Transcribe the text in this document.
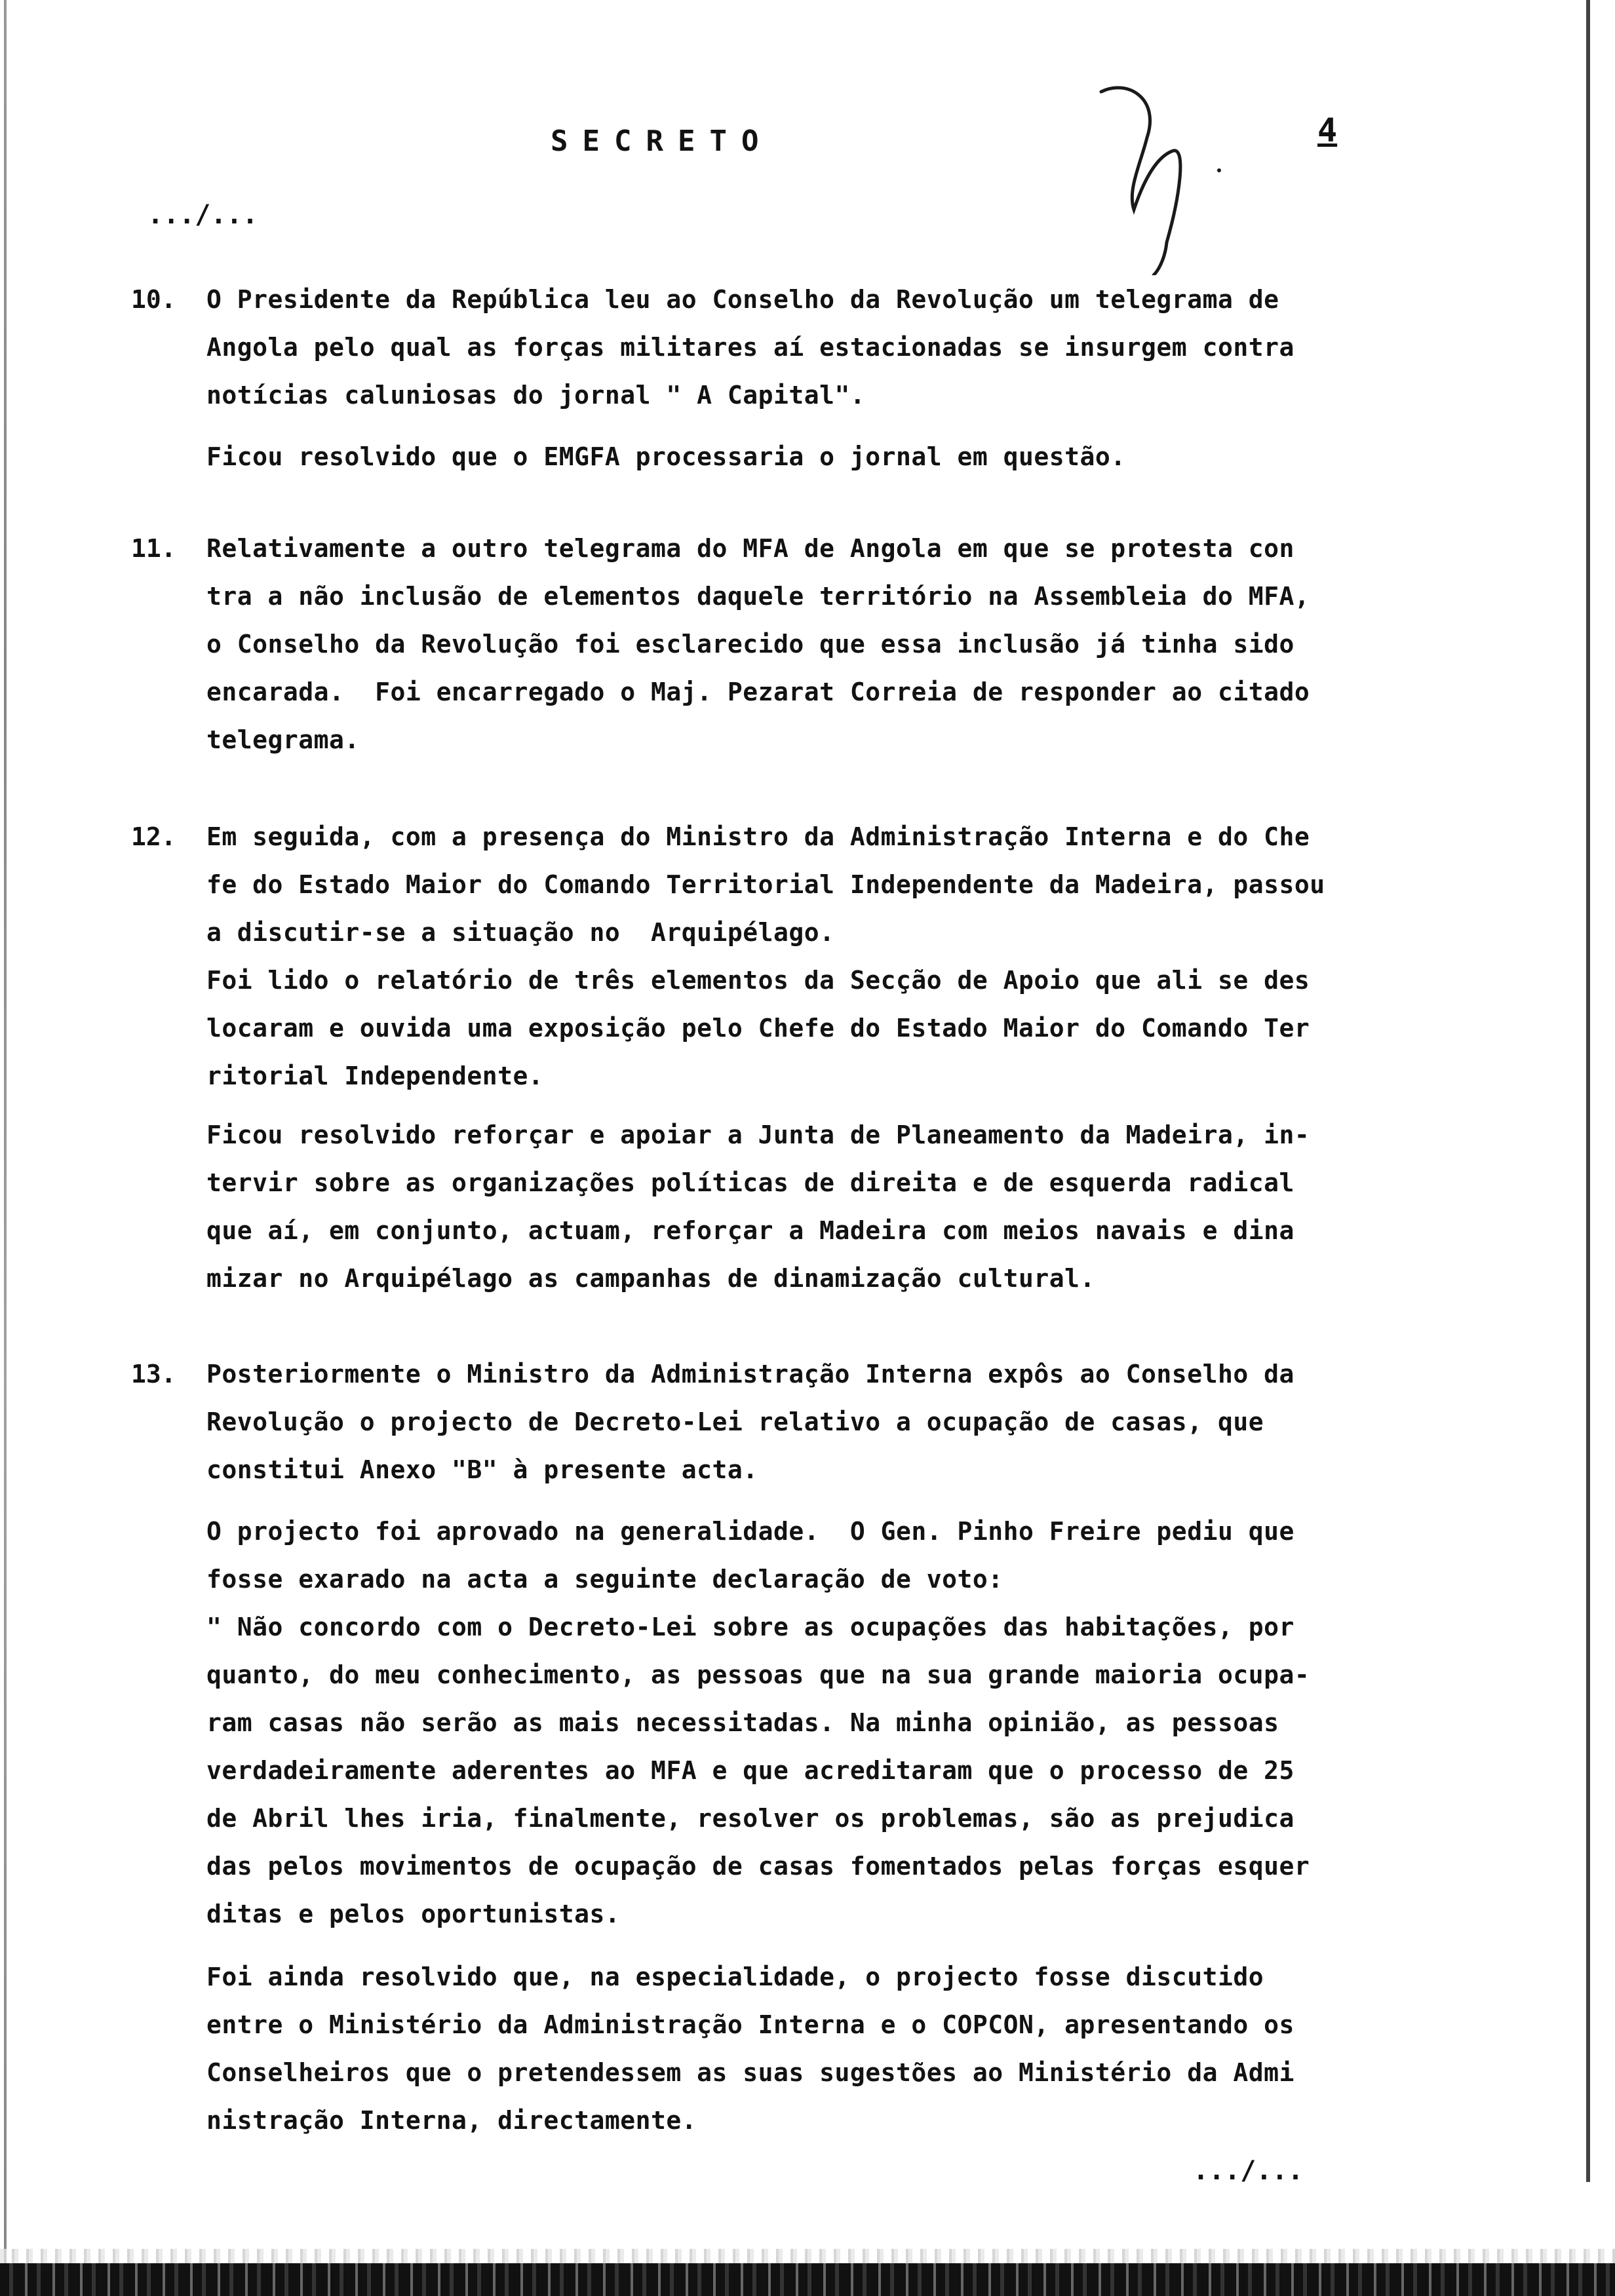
SECRETO	4
.../...
10. O Presidente da República leu ao Conselho da Revolução um telegrama de
Angola pelo qual as forças militares aí estacionadas se insurgem contra
notícias caluniosas do jornal " A Capital".
Ficou resolvido que o EMGFA processaria o jornal em questão.
11. Relativamente a outro telegrama do MFA de Angola em que se protesta con
tra a não inclusão de elementos daquele território na Assembleia do MFA,
o Conselho da Revolução foi esclarecido que essa inclusão já tinha sido
encarada.  Foi encarregado o Maj. Pezarat Correia de responder ao citado
telegrama.
12. Em seguida, com a presença do Ministro da Administração Interna e do Che
fe do Estado Maior do Comando Territorial Independente da Madeira, passou
a discutir-se a situação no  Arquipélago.
Foi lido o relatório de três elementos da Secção de Apoio que ali se des
locaram e ouvida uma exposição pelo Chefe do Estado Maior do Comando Ter
ritorial Independente.
Ficou resolvido reforçar e apoiar a Junta de Planeamento da Madeira, in-
tervir sobre as organizações políticas de direita e de esquerda radical
que aí, em conjunto, actuam, reforçar a Madeira com meios navais e dina
mizar no Arquipélago as campanhas de dinamização cultural.
13. Posteriormente o Ministro da Administração Interna expôs ao Conselho da
Revolução o projecto de Decreto-Lei relativo a ocupação de casas, que
constitui Anexo "B" à presente acta.
O projecto foi aprovado na generalidade.  O Gen. Pinho Freire pediu que
fosse exarado na acta a seguinte declaração de voto:
" Não concordo com o Decreto-Lei sobre as ocupações das habitações, por
quanto, do meu conhecimento, as pessoas que na sua grande maioria ocupa-
ram casas não serão as mais necessitadas. Na minha opinião, as pessoas
verdadeiramente aderentes ao MFA e que acreditaram que o processo de 25
de Abril lhes iria, finalmente, resolver os problemas, são as prejudica
das pelos movimentos de ocupação de casas fomentados pelas forças esquer
ditas e pelos oportunistas.
Foi ainda resolvido que, na especialidade, o projecto fosse discutido
entre o Ministério da Administração Interna e o COPCON, apresentando os
Conselheiros que o pretendessem as suas sugestões ao Ministério da Admi
nistração Interna, directamente.
.../...
